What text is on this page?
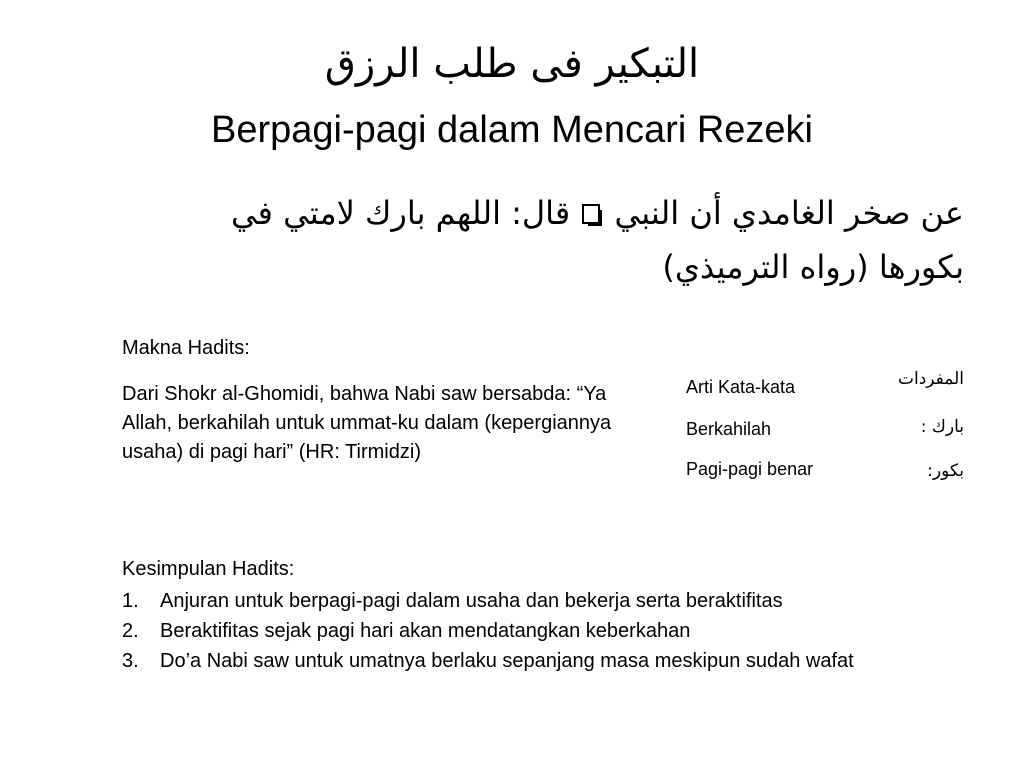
التبكير فى طلب الرزق
Berpagi-pagi dalam Mencari Rezeki
عن صخر الغامدي أن النبي  قال: اللهم بارك لامتي في
بكورها (رواه الترميذي)
Makna Hadits:
Dari Shokr al-Ghomidi, bahwa Nabi saw bersabda: “Ya Allah, berkahilah untuk ummat-ku dalam (kepergiannya usaha) di pagi hari” (HR: Tirmidzi)
Arti Kata-kata	المفردات
Berkahilah	بارك :
Pagi-pagi benar	بكور:
Kesimpulan Hadits:
1. Anjuran untuk berpagi-pagi dalam usaha dan bekerja serta beraktifitas
2. Beraktifitas sejak pagi hari akan mendatangkan keberkahan
3. Do’a Nabi saw untuk umatnya berlaku sepanjang masa meskipun sudah wafat
